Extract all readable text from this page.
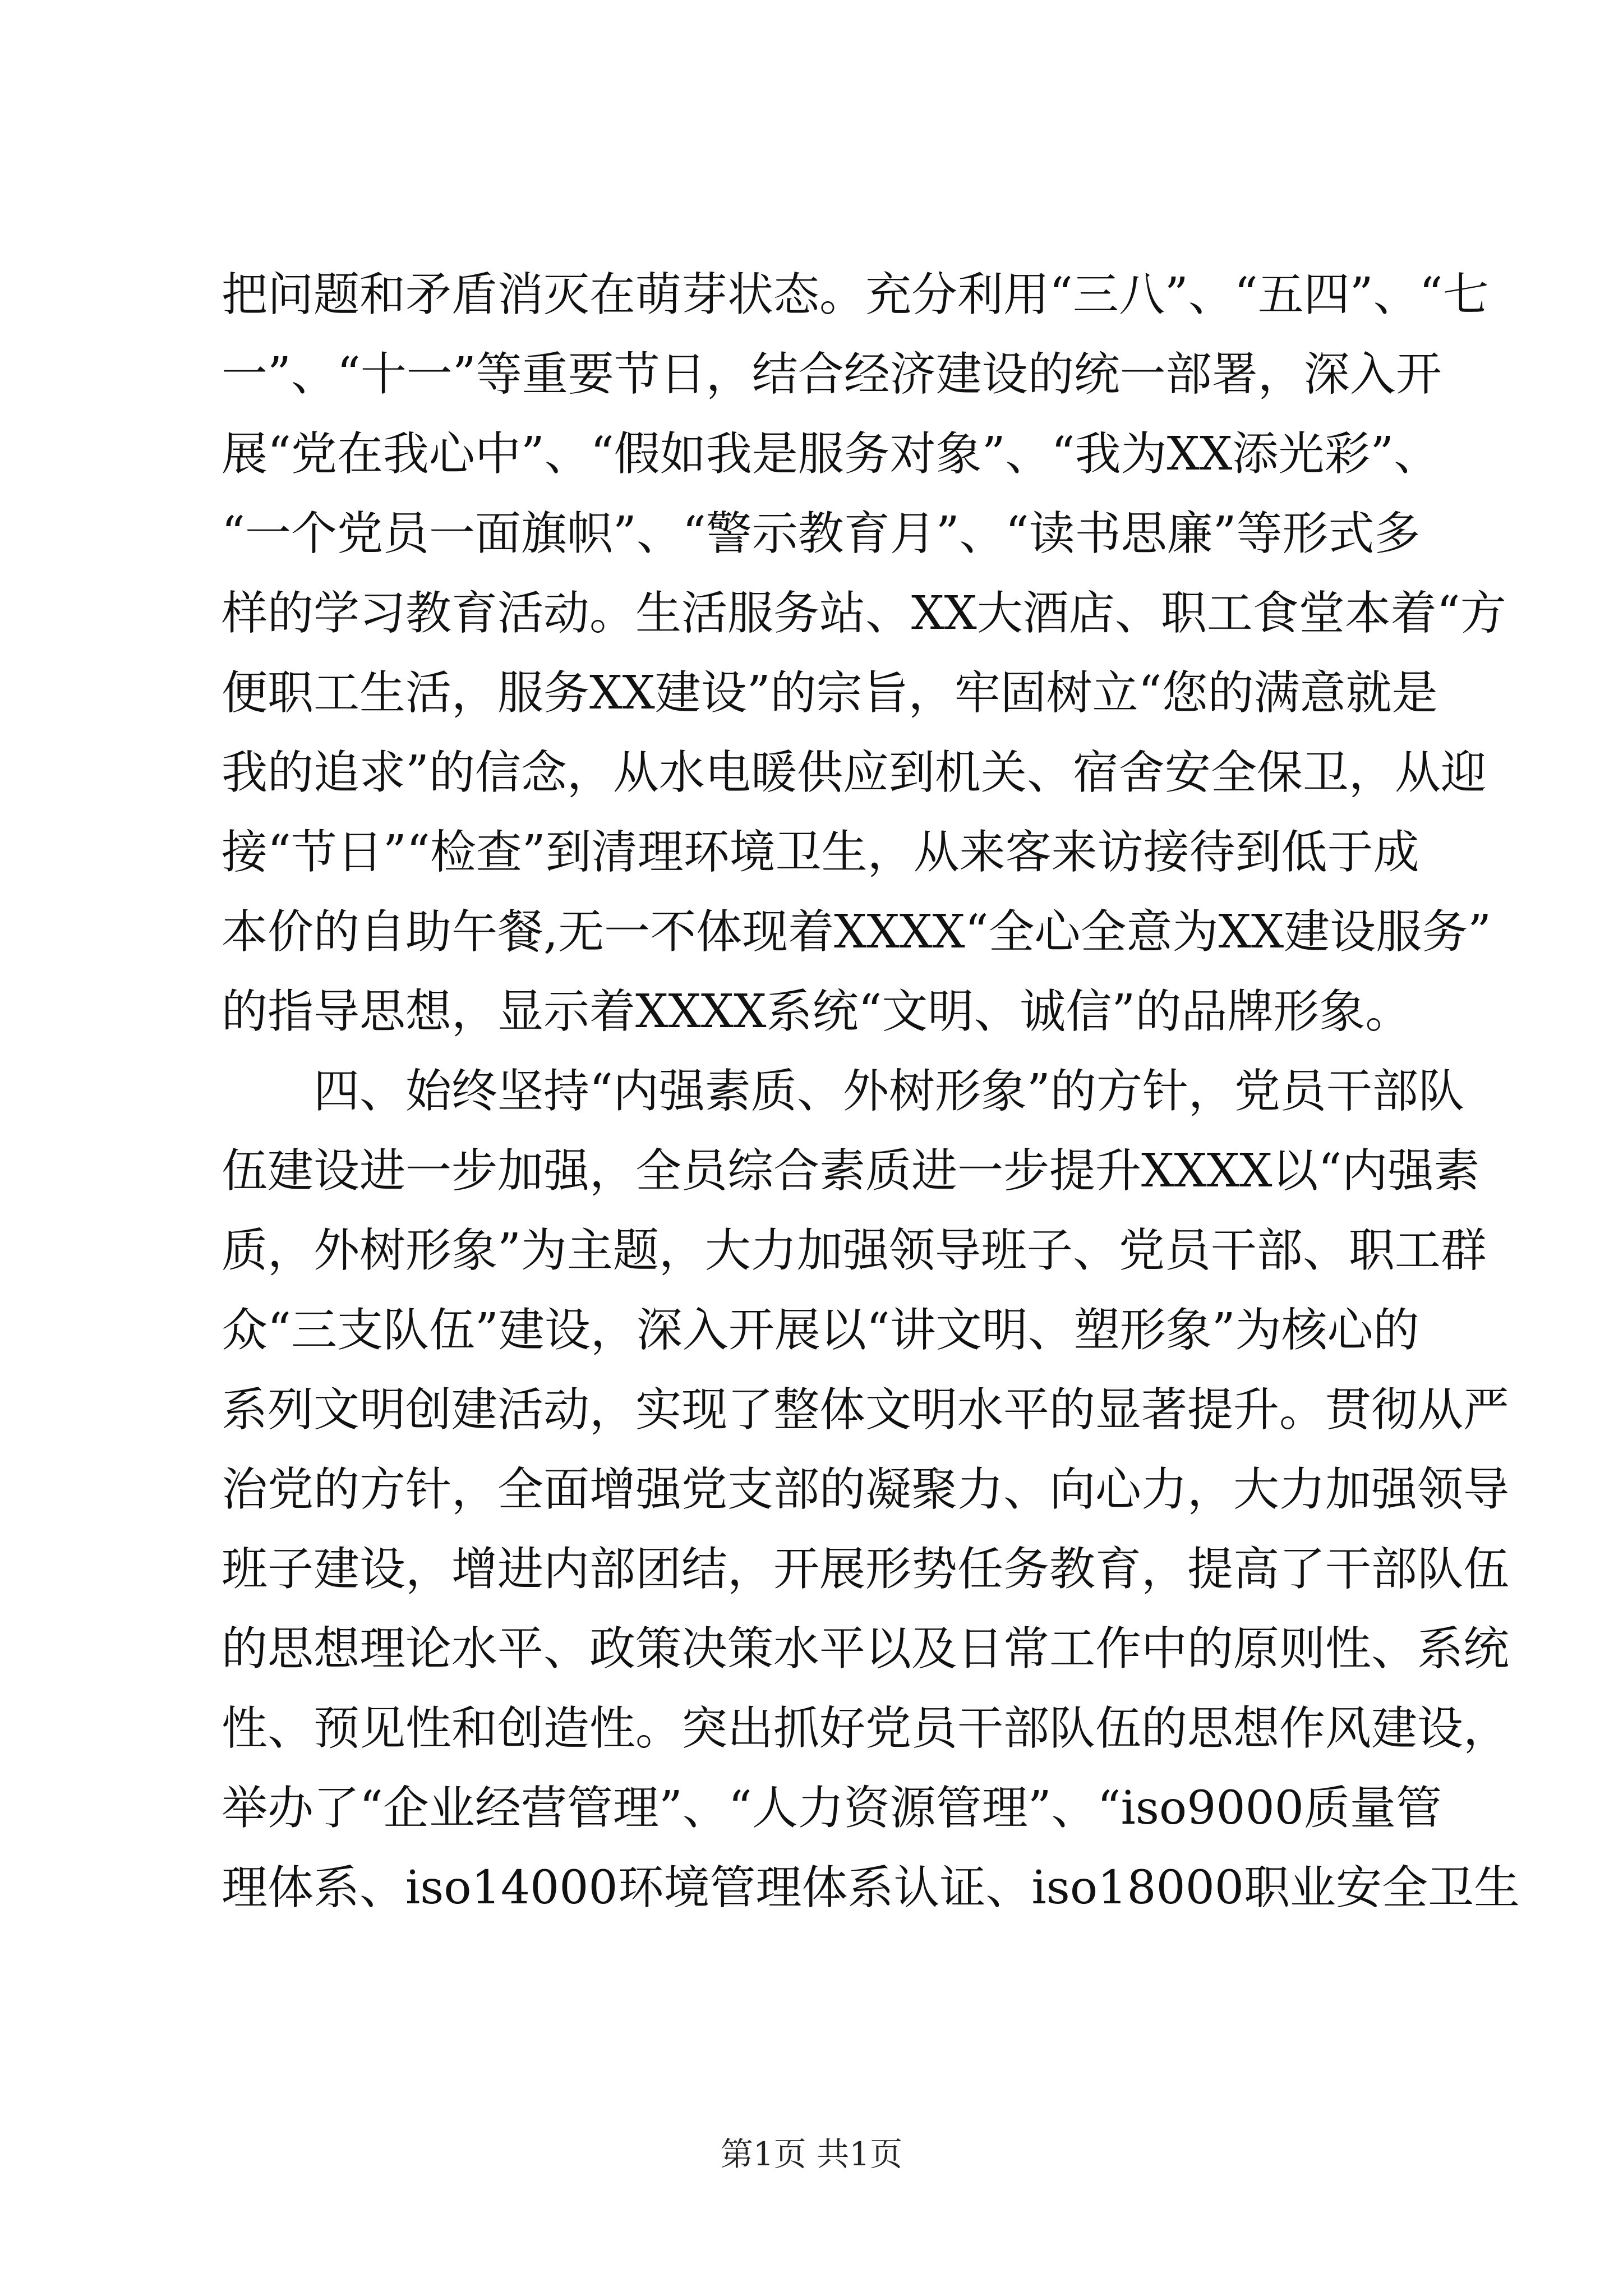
把问题和矛盾消灭在萌芽状态。充分利用“三八”、“五四”、“七
一”、“十一”等重要节日，结合经济建设的统一部署，深入开
展“党在我心中”、“假如我是服务对象”、“我为XX添光彩”、
“一个党员一面旗帜”、“警示教育月”、“读书思廉”等形式多
样的学习教育活动。生活服务站、XX大酒店、职工食堂本着“方
便职工生活，服务XX建设”的宗旨，牢固树立“您的满意就是
我的追求”的信念，从水电暖供应到机关、宿舍安全保卫，从迎
接“节日”“检查”到清理环境卫生，从来客来访接待到低于成
本价的自助午餐,无一不体现着XXXX“全心全意为XX建设服务”
的指导思想，显示着XXXX系统“文明、诚信”的品牌形象。
四、始终坚持“内强素质、外树形象”的方针，党员干部队
伍建设进一步加强，全员综合素质进一步提升XXXX以“内强素
质，外树形象”为主题，大力加强领导班子、党员干部、职工群
众“三支队伍”建设，深入开展以“讲文明、塑形象”为核心的
系列文明创建活动，实现了整体文明水平的显著提升。贯彻从严
治党的方针，全面增强党支部的凝聚力、向心力，大力加强领导
班子建设，增进内部团结，开展形势任务教育，提高了干部队伍
的思想理论水平、政策决策水平以及日常工作中的原则性、系统
性、预见性和创造性。突出抓好党员干部队伍的思想作风建设，
举办了“企业经营管理”、“人力资源管理”、“iso9000质量管
理体系、iso14000环境管理体系认证、iso18000职业安全卫生
第1页 共1页
